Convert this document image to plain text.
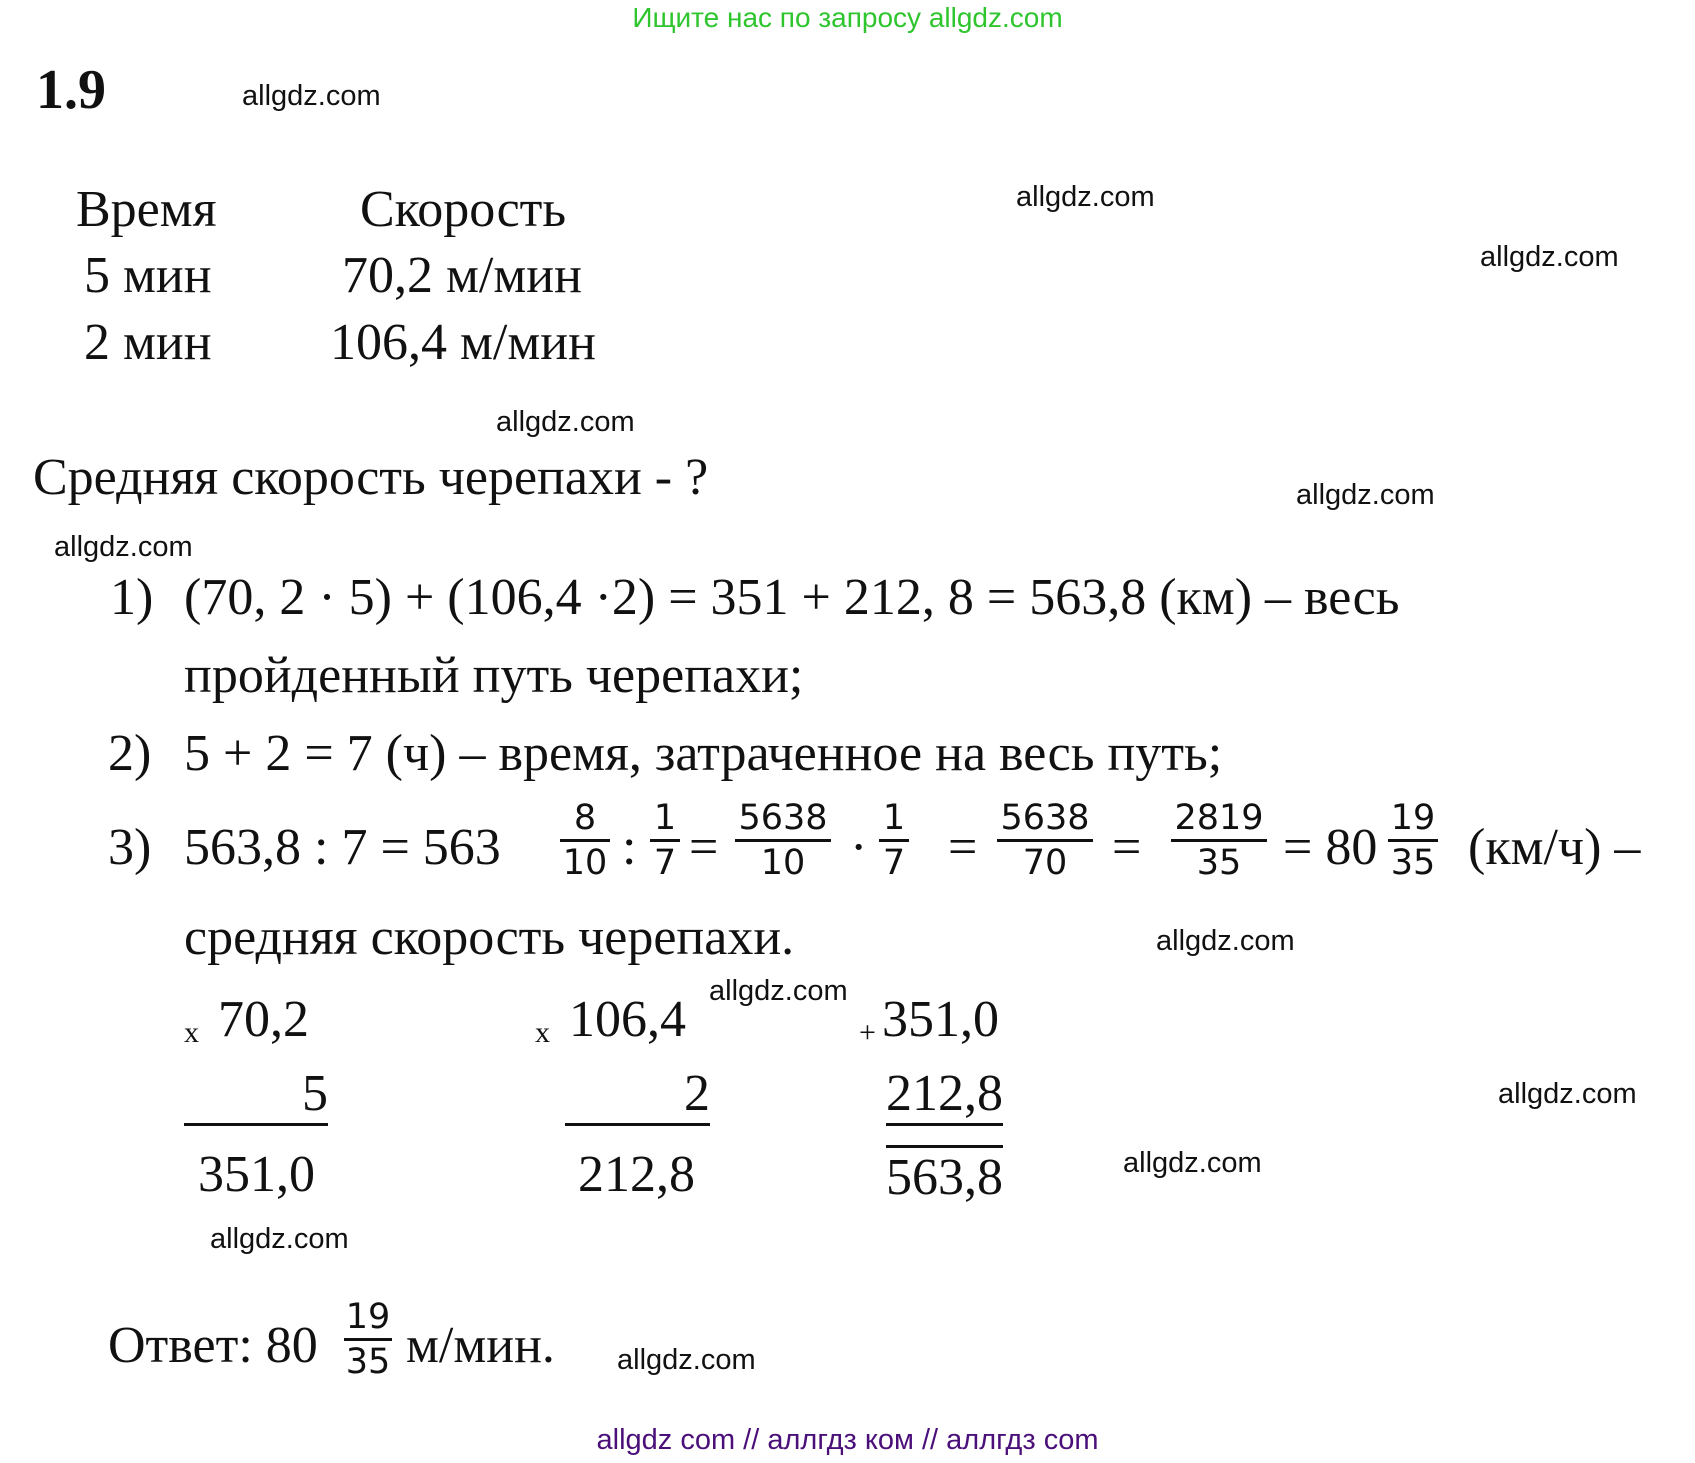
Ищите нас по запросу allgdz.com
1.9	allgdz.com
allgdz.com
allgdz.com
allgdz.com
allgdz.com
allgdz.com
allgdz.com
allgdz.com
allgdz.com
allgdz.com
allgdz.com
allgdz.com
Время	Скорость
5 мин	70,2 м/мин
2 мин 106,4 м/мин
Средняя скорость черепахи - ?
1) (70, 2 · 5) + (106,4 ·2) = 351 + 212, 8 = 563,8 (км) – весь
пройденный путь черепахи;
2) 5 + 2 = 7 (ч) – время, затраченное на весь путь;
3) 563,8 : 7 = 563
8
10 :
1
7 =
5638
10 ·
1
7 =
5638
70 =
2819
35 = 80
19
35 (км/ч) –
средняя скорость черепахи.
x 70,2
5
351,0
x 106,4
2
212,8
+ 351,0
212,8
563,8
Ответ: 80 19
35 м/мин.
allgdz com // аллгдз ком // аллгдз com
